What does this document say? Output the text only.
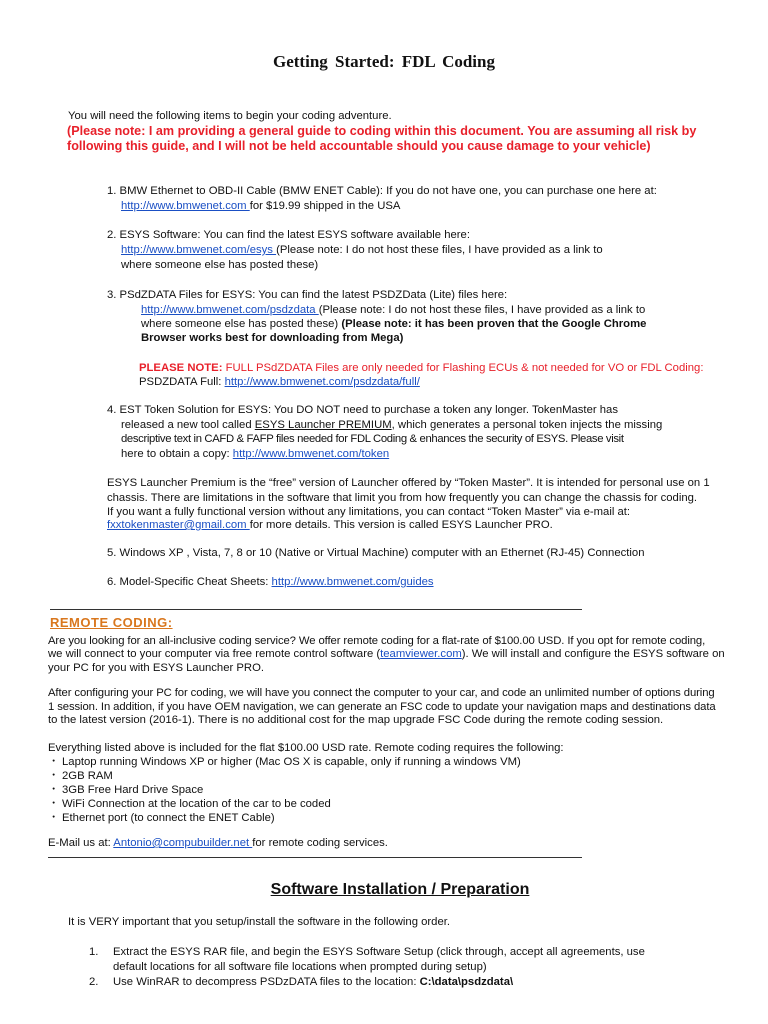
Getting Started: FDL Coding
You will need the following items to begin your coding adventure.
(Please note: I am providing a general guide to coding within this document. You are assuming all risk by following this guide, and I will not be held accountable should you cause damage to your vehicle)
1. BMW Ethernet to OBD-II Cable (BMW ENET Cable): If you do not have one, you can purchase one here at:
http://www.bmwenet.com for $19.99 shipped in the USA
2. ESYS Software: You can find the latest ESYS software available here:
http://www.bmwenet.com/esys (Please note: I do not host these files, I have provided as a link to
where someone else has posted these)
3. PSdZDATA Files for ESYS: You can find the latest PSDZData (Lite) files here:
http://www.bmwenet.com/psdzdata (Please note: I do not host these files, I have provided as a link to
where someone else has posted these) (Please note: it has been proven that the Google Chrome
Browser works best for downloading from Mega)
PLEASE NOTE: FULL PSdZDATA Files are only needed for Flashing ECUs & not needed for VO or FDL Coding:
PSDZDATA Full: http://www.bmwenet.com/psdzdata/full/
4. EST Token Solution for ESYS: You DO NOT need to purchase a token any longer. TokenMaster has
released a new tool called ESYS Launcher PREMIUM, which generates a personal token injects the missing
descriptive text in CAFD & FAFP files needed for FDL Coding & enhances the security of ESYS. Please visit
here to obtain a copy: http://www.bmwenet.com/token
ESYS Launcher Premium is the “free” version of Launcher offered by “Token Master”. It is intended for personal use on 1
chassis. There are limitations in the software that limit you from how frequently you can change the chassis for coding.
If you want a fully functional version without any limitations, you can contact “Token Master” via e-mail at:
fxxtokenmaster@gmail.com for more details. This version is called ESYS Launcher PRO.
5. Windows XP , Vista, 7, 8 or 10 (Native or Virtual Machine) computer with an Ethernet (RJ-45) Connection
6. Model-Specific Cheat Sheets: http://www.bmwenet.com/guides
REMOTE CODING:
Are you looking for an all-inclusive coding service? We offer remote coding for a flat-rate of $100.00 USD. If you opt for remote coding,
we will connect to your computer via free remote control software (teamviewer.com). We will install and configure the ESYS software on
your PC for you with ESYS Launcher PRO.
After configuring your PC for coding, we will have you connect the computer to your car, and code an unlimited number of options during
1 session. In addition, if you have OEM navigation, we can generate an FSC code to update your navigation maps and destinations data
to the latest version (2016-1). There is no additional cost for the map upgrade FSC Code during the remote coding session.
Everything listed above is included for the flat $100.00 USD rate. Remote coding requires the following:
・ Laptop running Windows XP or higher (Mac OS X is capable, only if running a windows VM)
・ 2GB RAM
・ 3GB Free Hard Drive Space
・ WiFi Connection at the location of the car to be coded
・ Ethernet port (to connect the ENET Cable)
E-Mail us at: Antonio@compubuilder.net for remote coding services.
Software Installation / Preparation
It is VERY important that you setup/install the software in the following order.
1. Extract the ESYS RAR file, and begin the ESYS Software Setup (click through, accept all agreements, use
default locations for all software file locations when prompted during setup)
2. Use WinRAR to decompress PSDzDATA files to the location: C:\data\psdzdata\
